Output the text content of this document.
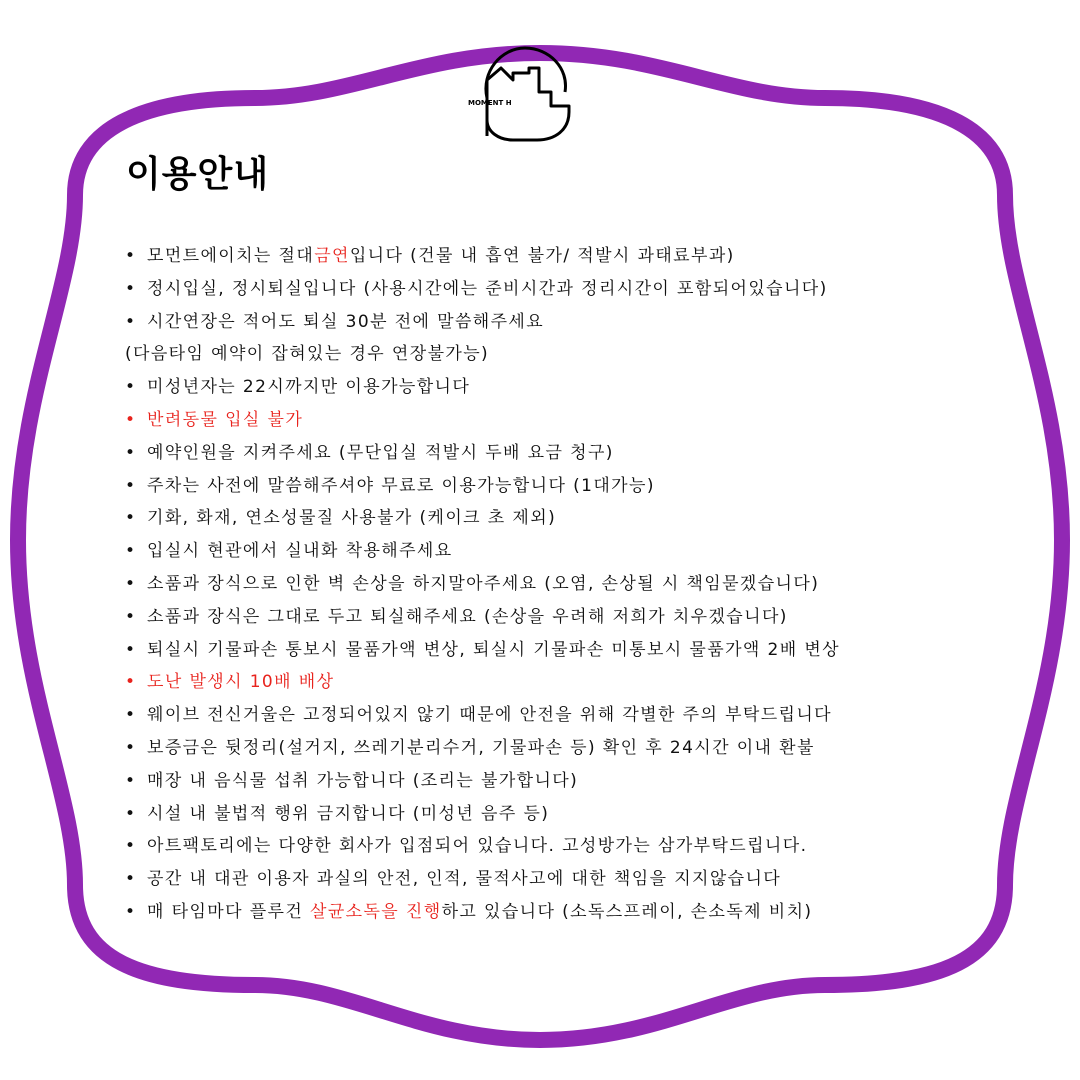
MOMENT H
이용안내
• 모먼트에이치는 절대금연입니다 (건물 내 흡연 불가/ 적발시 과태료부과)
• 정시입실, 정시퇴실입니다 (사용시간에는 준비시간과 정리시간이 포함되어있습니다)
• 시간연장은 적어도 퇴실 30분 전에 말씀해주세요
(다음타임 예약이 잡혀있는 경우 연장불가능)
• 미성년자는 22시까지만 이용가능합니다
• 반려동물 입실 불가
• 예약인원을 지켜주세요 (무단입실 적발시 두배 요금 청구)
• 주차는 사전에 말씀해주셔야 무료로 이용가능합니다 (1대가능)
• 기화, 화재, 연소성물질 사용불가 (케이크 초 제외)
• 입실시 현관에서 실내화 착용해주세요
• 소품과 장식으로 인한 벽 손상을 하지말아주세요 (오염, 손상될 시 책임묻겠습니다)
• 소품과 장식은 그대로 두고 퇴실해주세요 (손상을 우려해 저희가 치우겠습니다)
• 퇴실시 기물파손 통보시 물품가액 변상, 퇴실시 기물파손 미통보시 물품가액 2배 변상
• 도난 발생시 10배 배상
• 웨이브 전신거울은 고정되어있지 않기 때문에 안전을 위해 각별한 주의 부탁드립니다
• 보증금은 뒷정리(설거지, 쓰레기분리수거, 기물파손 등) 확인 후 24시간 이내 환불
• 매장 내 음식물 섭취 가능합니다 (조리는 불가합니다)
• 시설 내 불법적 행위 금지합니다 (미성년 음주 등)
• 아트팩토리에는 다양한 회사가 입점되어 있습니다. 고성방가는 삼가부탁드립니다.
• 공간 내 대관 이용자 과실의 안전, 인적, 물적사고에 대한 책임을 지지않습니다
• 매 타임마다 플루건 살균소독을 진행하고 있습니다 (소독스프레이, 손소독제 비치)
